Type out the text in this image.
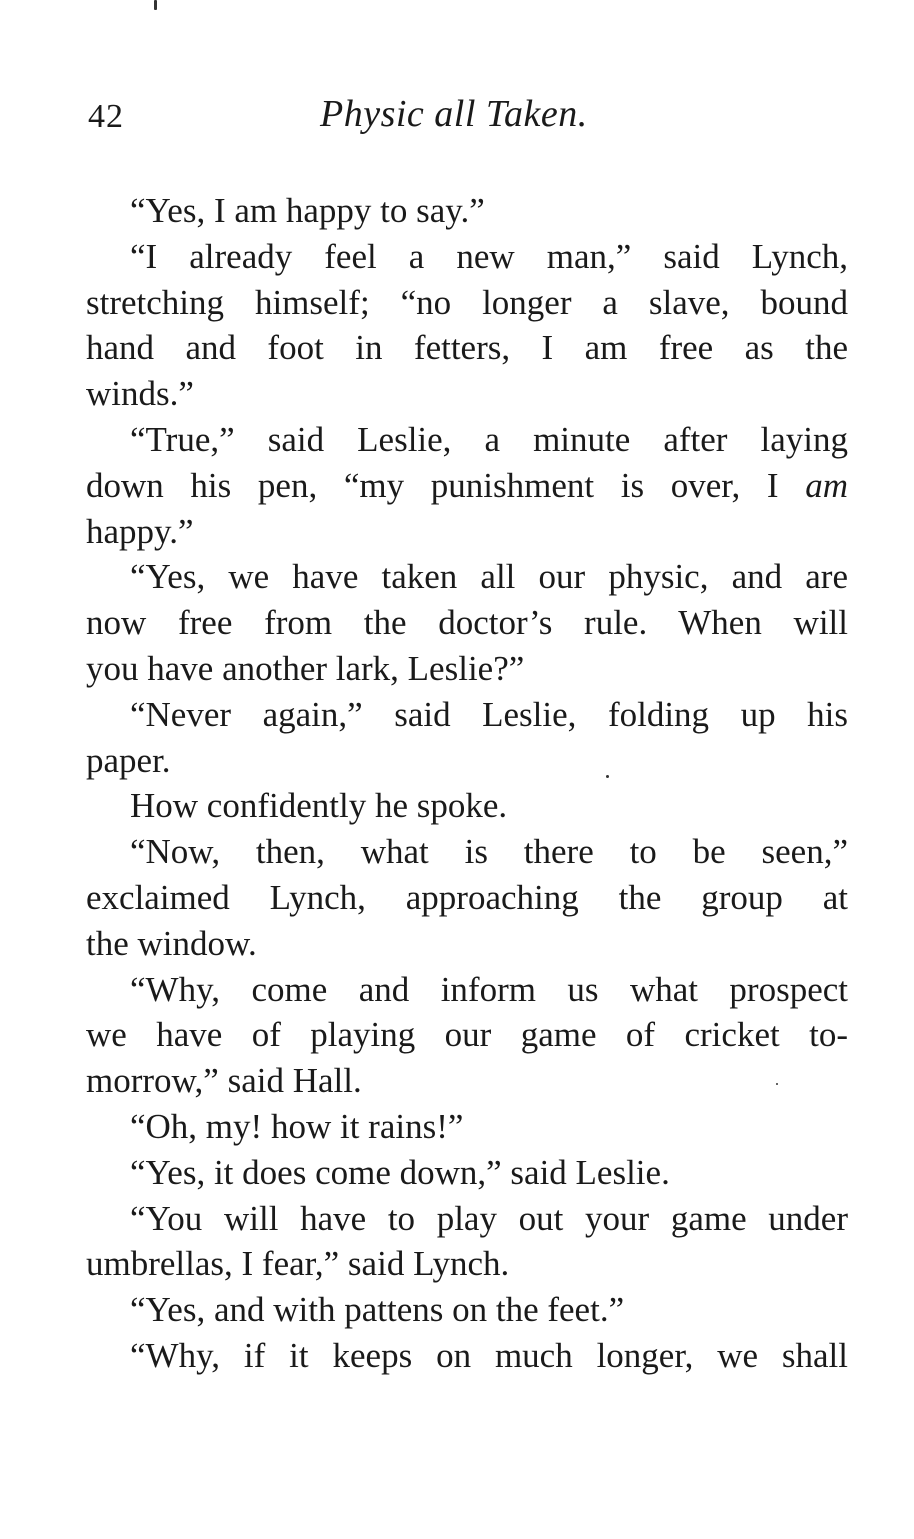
42	Physic all Taken.

“Yes, I am happy to say.”

“I already feel a new man,” said Lynch,
stretching himself; “no longer a slave, bound
hand and foot in fetters, I am free as the
winds.”

“True,” said Leslie, a minute after laying
down his pen, “my punishment is over, I am
happy.”

“Yes, we have taken all our physic, and are
now free from the doctor’s rule. When will
you have another lark, Leslie?”

“Never again,” said Leslie, folding up his
paper.

How confidently he spoke.

“Now, then, what is there to be seen,”
exclaimed Lynch, approaching the group at
the window.

“Why, come and inform us what prospect
we have of playing our game of cricket to-
morrow,” said Hall.

“Oh, my! how it rains!”

“Yes, it does come down,” said Leslie.

“You will have to play out your game under
umbrellas, I fear,” said Lynch.

“Yes, and with pattens on the feet.”

“Why, if it keeps on much longer, we shall
